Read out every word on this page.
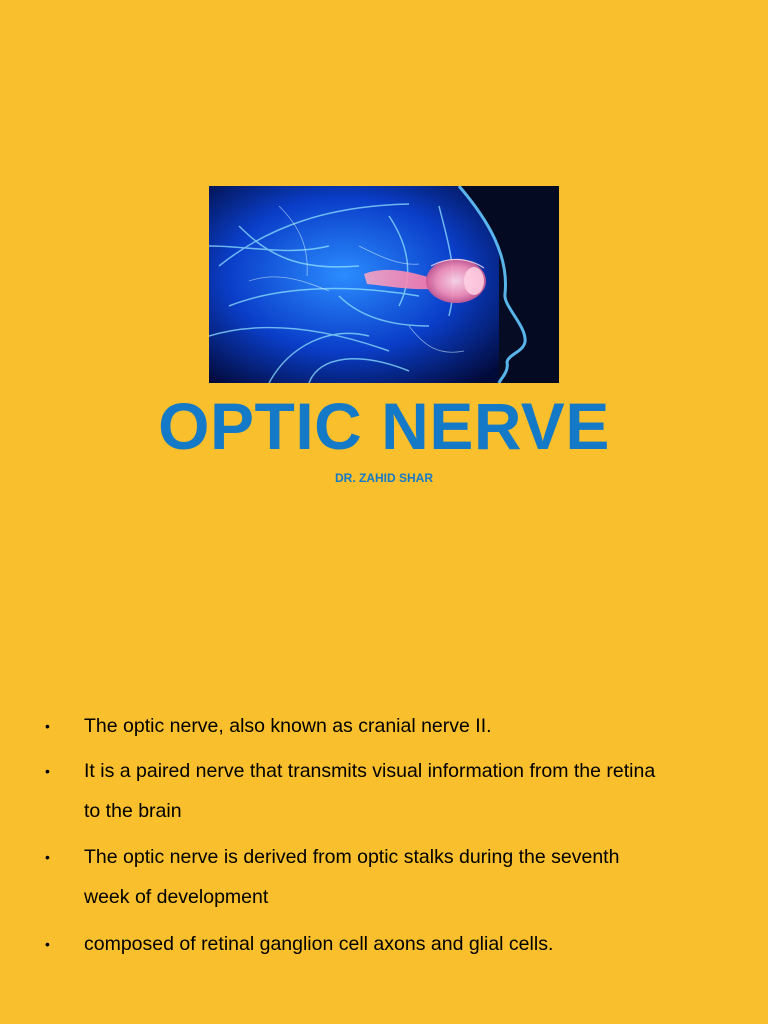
OPTIC NERVE

DR. ZAHID SHAR

• The optic nerve, also known as cranial nerve II.
• It is a paired nerve that transmits visual information from the retina
to the brain
• The optic nerve is derived from optic stalks during the seventh
week of development
• composed of retinal ganglion cell axons and glial cells.
